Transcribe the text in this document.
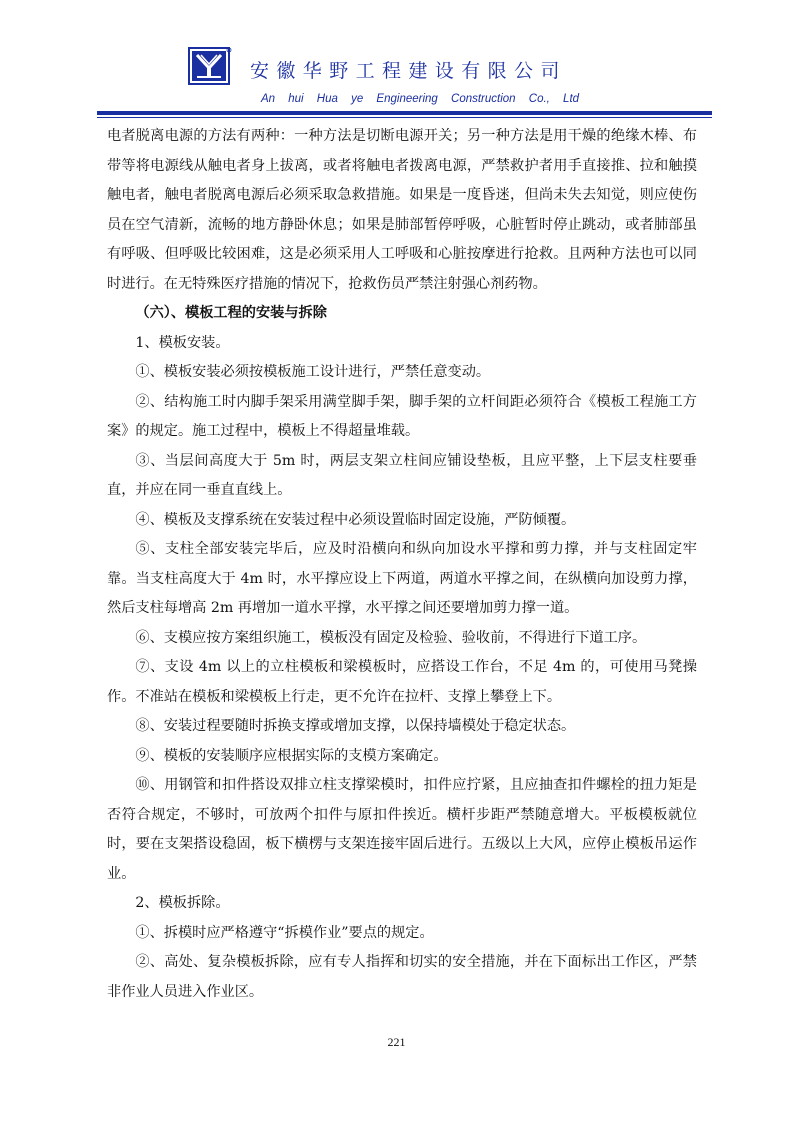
安徽华野工程建设有限公司
An hui Hua ye Engineering Construction Co., Ltd

电者脱离电源的方法有两种：一种方法是切断电源开关；另一种方法是用干燥的绝缘木棒、布带等将电源线从触电者身上拔离，或者将触电者拨离电源，严禁救护者用手直接推、拉和触摸触电者，触电者脱离电源后必须采取急救措施。如果是一度昏迷，但尚未失去知觉，则应使伤员在空气清新，流畅的地方静卧休息；如果是肺部暂停呼吸，心脏暂时停止跳动，或者肺部虽有呼吸、但呼吸比较困难，这是必须采用人工呼吸和心脏按摩进行抢救。且两种方法也可以同时进行。在无特殊医疗措施的情况下，抢救伤员严禁注射强心剂药物。

（六）、模板工程的安装与拆除

1、模板安装。

①、模板安装必须按模板施工设计进行，严禁任意变动。

②、结构施工时内脚手架采用满堂脚手架，脚手架的立杆间距必须符合《模板工程施工方案》的规定。施工过程中，模板上不得超量堆载。

③、当层间高度大于 5m 时，两层支架立柱间应铺设垫板，且应平整，上下层支柱要垂直，并应在同一垂直直线上。

④、模板及支撑系统在安装过程中必须设置临时固定设施，严防倾覆。

⑤、支柱全部安装完毕后，应及时沿横向和纵向加设水平撑和剪力撑，并与支柱固定牢靠。当支柱高度大于 4m 时，水平撑应设上下两道，两道水平撑之间，在纵横向加设剪力撑，然后支柱每增高 2m 再增加一道水平撑，水平撑之间还要增加剪力撑一道。

⑥、支模应按方案组织施工，模板没有固定及检验、验收前，不得进行下道工序。

⑦、支设 4m 以上的立柱模板和梁模板时，应搭设工作台，不足 4m 的，可使用马凳操作。不准站在模板和梁模板上行走，更不允许在拉杆、支撑上攀登上下。

⑧、安装过程要随时拆换支撑或增加支撑，以保持墙模处于稳定状态。

⑨、模板的安装顺序应根据实际的支模方案确定。

⑩、用钢管和扣件搭设双排立柱支撑梁模时，扣件应拧紧，且应抽查扣件螺栓的扭力矩是否符合规定，不够时，可放两个扣件与原扣件挨近。横杆步距严禁随意增大。平板模板就位时，要在支架搭设稳固，板下横楞与支架连接牢固后进行。五级以上大风，应停止模板吊运作业。

2、模板拆除。

①、拆模时应严格遵守“拆模作业”要点的规定。

②、高处、复杂模板拆除，应有专人指挥和切实的安全措施，并在下面标出工作区，严禁非作业人员进入作业区。

221
